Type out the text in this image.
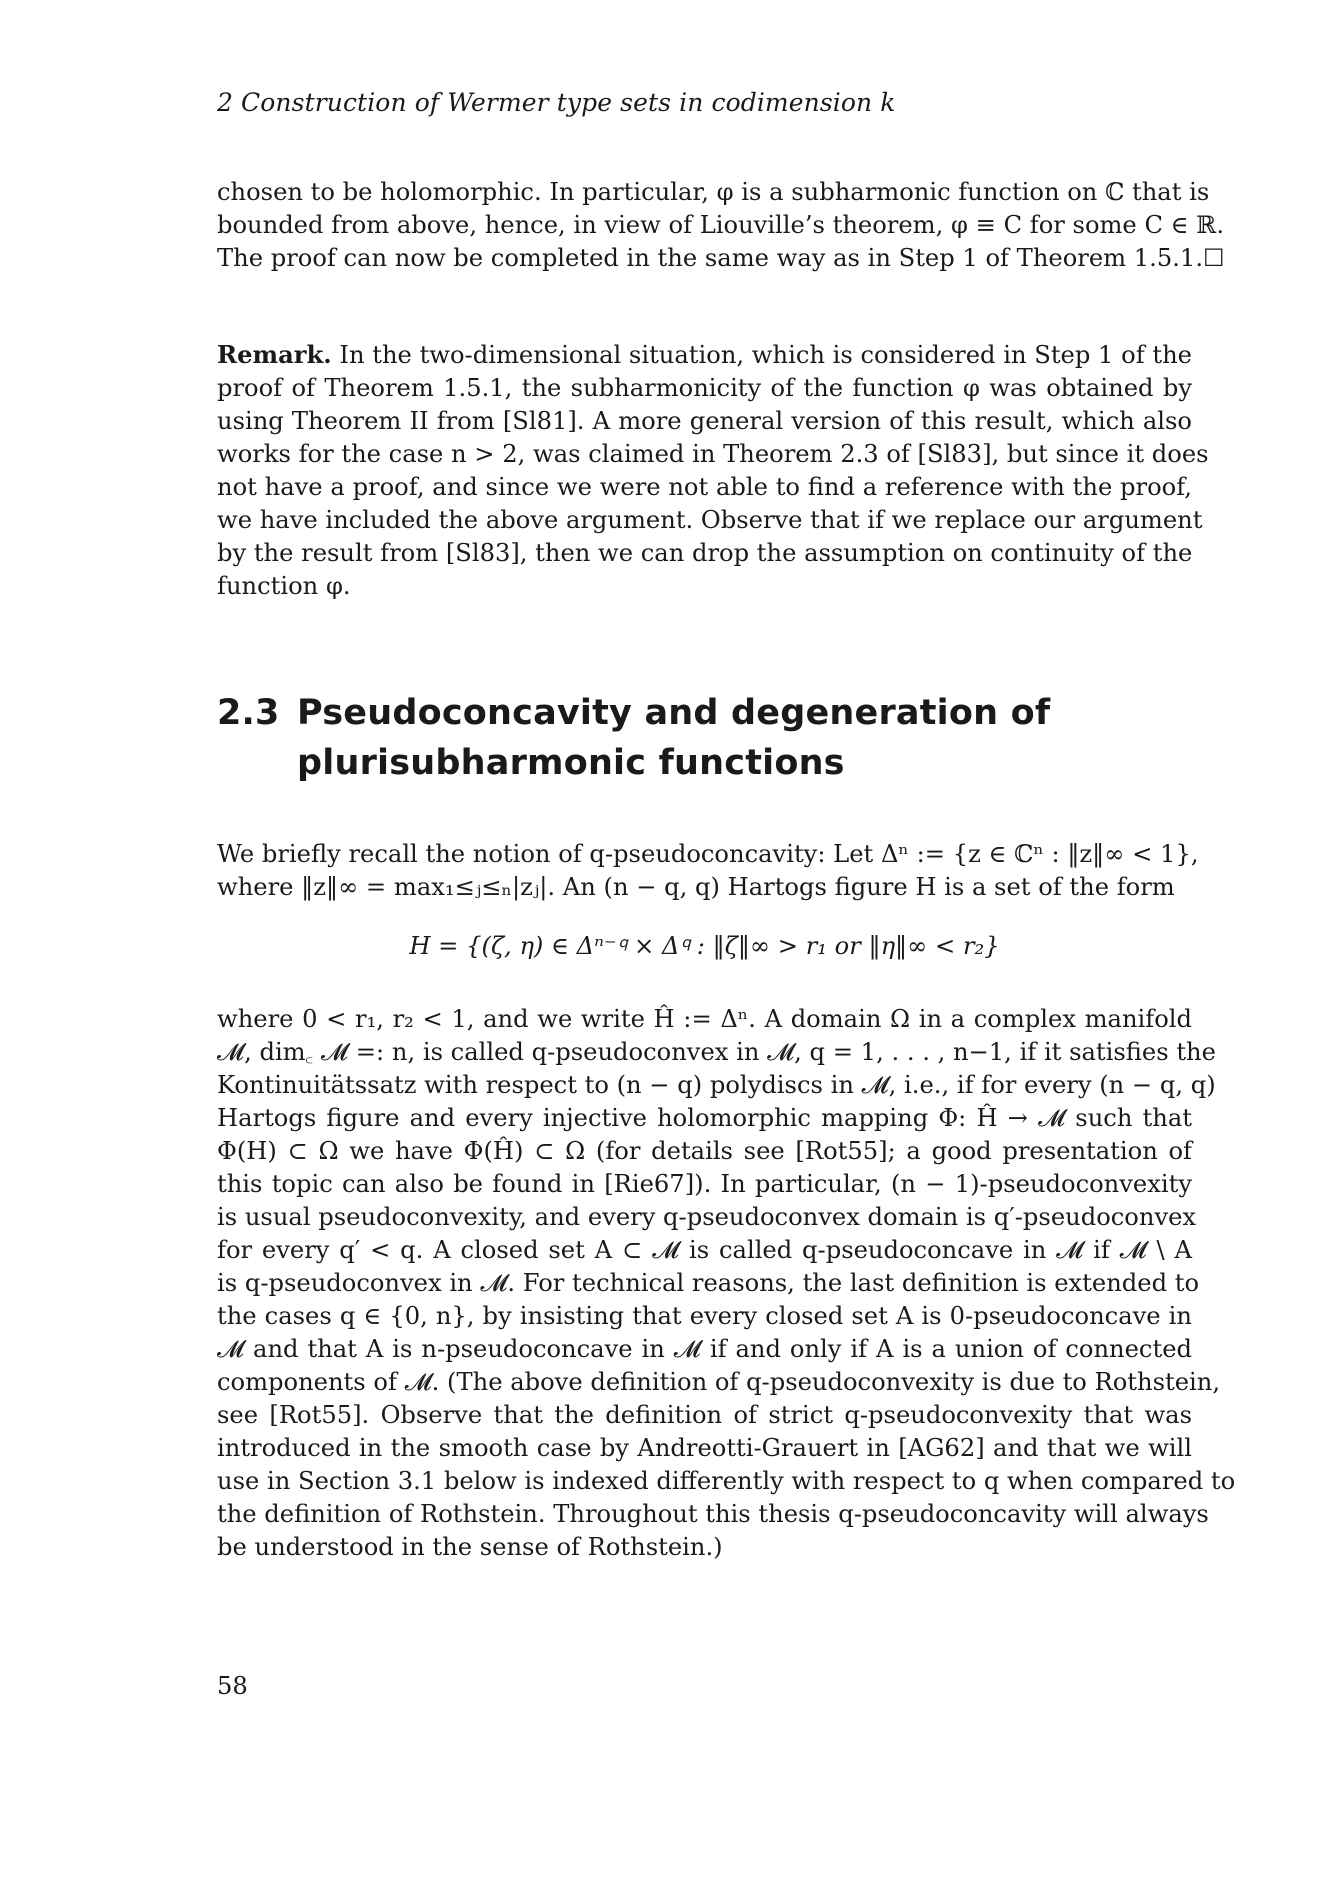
2 Construction of Wermer type sets in codimension k
chosen to be holomorphic. In particular, φ is a subharmonic function on ℂ that is
bounded from above, hence, in view of Liouville’s theorem, φ ≡ C for some C ∈ ℝ.
The proof can now be completed in the same way as in Step 1 of Theorem 1.5.1.☐
Remark. In the two-dimensional situation, which is considered in Step 1 of the
proof of Theorem 1.5.1, the subharmonicity of the function φ was obtained by
using Theorem II from [Sl81]. A more general version of this result, which also
works for the case n > 2, was claimed in Theorem 2.3 of [Sl83], but since it does
not have a proof, and since we were not able to find a reference with the proof,
we have included the above argument. Observe that if we replace our argument
by the result from [Sl83], then we can drop the assumption on continuity of the
function φ.
2.3 Pseudoconcavity and degeneration of
plurisubharmonic functions
We briefly recall the notion of q-pseudoconcavity: Let Δⁿ := {z ∈ ℂⁿ : ‖z‖∞ < 1},
where ‖z‖∞ = max₁≤ⱼ≤ₙ|zⱼ|. An (n − q, q) Hartogs figure H is a set of the form
H = {(ζ, η) ∈ Δⁿ⁻𐞥 × Δ𐞥 : ‖ζ‖∞ > r₁ or ‖η‖∞ < r₂}
where 0 < r₁, r₂ < 1, and we write Ĥ := Δⁿ. A domain Ω in a complex manifold
𝓜, dim꜀ 𝓜 =: n, is called q-pseudoconvex in 𝓜, q = 1, . . . , n−1, if it satisfies the
Kontinuitätssatz with respect to (n − q) polydiscs in 𝓜, i.e., if for every (n − q, q)
Hartogs figure and every injective holomorphic mapping Φ: Ĥ → 𝓜 such that
Φ(H) ⊂ Ω we have Φ(Ĥ) ⊂ Ω (for details see [Rot55]; a good presentation of
this topic can also be found in [Rie67]). In particular, (n − 1)-pseudoconvexity
is usual pseudoconvexity, and every q-pseudoconvex domain is q′-pseudoconvex
for every q′ < q. A closed set A ⊂ 𝓜 is called q-pseudoconcave in 𝓜 if 𝓜 \ A
is q-pseudoconvex in 𝓜. For technical reasons, the last definition is extended to
the cases q ∈ {0, n}, by insisting that every closed set A is 0-pseudoconcave in
𝓜 and that A is n-pseudoconcave in 𝓜 if and only if A is a union of connected
components of 𝓜. (The above definition of q-pseudoconvexity is due to Rothstein,
see [Rot55]. Observe that the definition of strict q-pseudoconvexity that was
introduced in the smooth case by Andreotti-Grauert in [AG62] and that we will
use in Section 3.1 below is indexed differently with respect to q when compared to
the definition of Rothstein. Throughout this thesis q-pseudoconcavity will always
be understood in the sense of Rothstein.)
58
